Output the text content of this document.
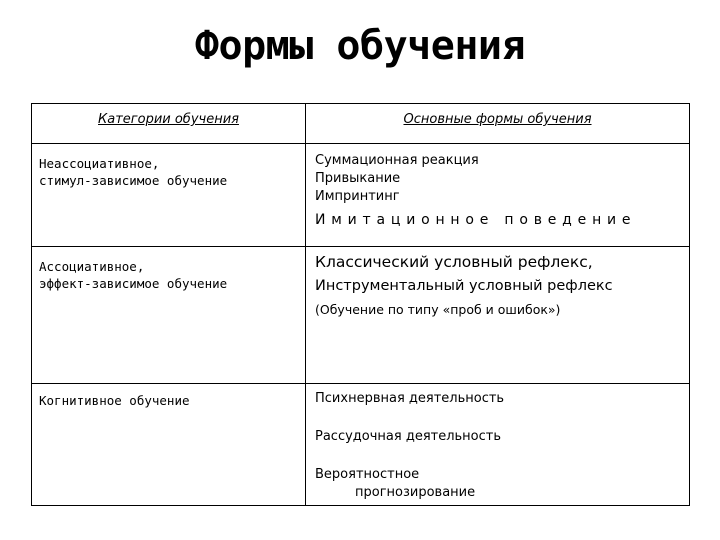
Формы обучения
Категории обучения	Основные формы обучения

Неассоциативное,
стимул-зависимое обучение	Суммационная реакция
Привыкание
Импринтинг
Имитационное поведение

Ассоциативное,
эффект-зависимое обучение	Классический условный рефлекс,
Инструментальный условный рефлекс
(Обучение по типу «проб и ошибок»)

Когнитивное обучение	Психнервная деятельность
Рассудочная деятельность
Вероятностное
прогнозирование
